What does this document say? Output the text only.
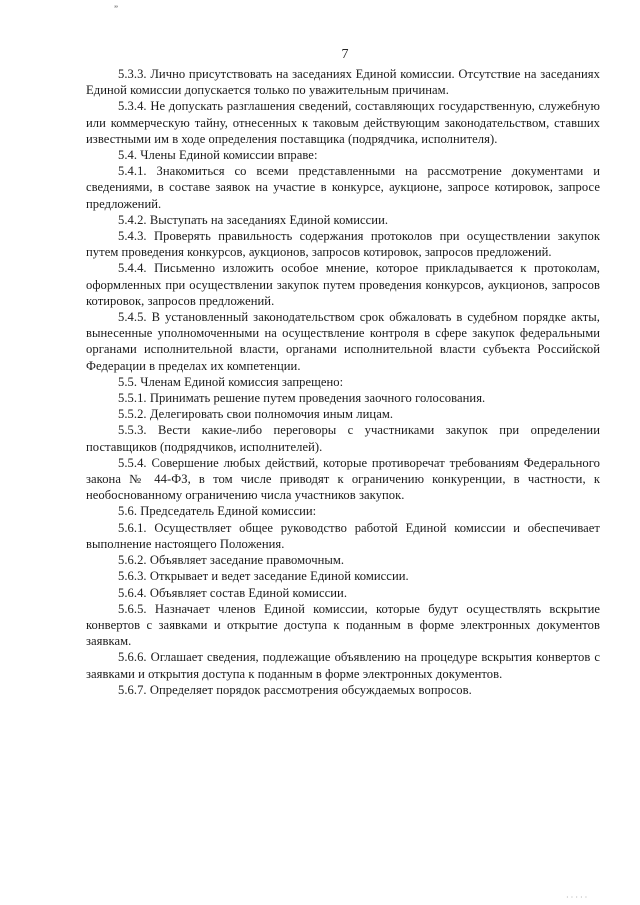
”
7

5.3.3. Лично присутствовать на заседаниях Единой комиссии. Отсутствие на заседаниях Единой комиссии допускается только по уважительным причинам.

5.3.4. Не допускать разглашения сведений, составляющих государственную, служебную или коммерческую тайну, отнесенных к таковым действующим законодательством, ставших известными им в ходе определения поставщика (подрядчика, исполнителя).

5.4. Члены Единой комиссии вправе:

5.4.1. Знакомиться со всеми представленными на рассмотрение документами и сведениями, в составе заявок на участие в конкурсе, аукционе, запросе котировок, запросе предложений.

5.4.2. Выступать на заседаниях Единой комиссии.

5.4.3. Проверять правильность содержания протоколов при осуществлении закупок путем проведения конкурсов, аукционов, запросов котировок, запросов предложений.

5.4.4. Письменно изложить особое мнение, которое прикладывается к протоколам, оформленных при осуществлении закупок путем проведения конкурсов, аукционов, запросов котировок, запросов предложений.

5.4.5. В установленный законодательством срок обжаловать в судебном порядке акты, вынесенные уполномоченными на осуществление контроля в сфере закупок федеральными органами исполнительной власти, органами исполнительной власти субъекта Российской Федерации в пределах их компетенции.

5.5. Членам Единой комиссия запрещено:

5.5.1. Принимать решение путем проведения заочного голосования.

5.5.2. Делегировать свои полномочия иным лицам.

5.5.3. Вести какие-либо переговоры с участниками закупок при определении поставщиков (подрядчиков, исполнителей).

5.5.4. Совершение любых действий, которые противоречат требованиям Федерального закона № 44-ФЗ, в том числе приводят к ограничению конкуренции, в частности, к необоснованному ограничению числа участников закупок.

5.6. Председатель Единой комиссии:

5.6.1. Осуществляет общее руководство работой Единой комиссии и обеспечивает выполнение настоящего Положения.

5.6.2. Объявляет заседание правомочным.

5.6.3. Открывает и ведет заседание Единой комиссии.

5.6.4. Объявляет состав Единой комиссии.

5.6.5. Назначает членов Единой комиссии, которые будут осуществлять вскрытие конвертов с заявками и открытие доступа к поданным в форме электронных документов заявкам.

5.6.6. Оглашает сведения, подлежащие объявлению на процедуре вскрытия конвертов с заявками и открытия доступа к поданным в форме электронных документов.

5.6.7. Определяет порядок рассмотрения обсуждаемых вопросов.

· · · · ·
